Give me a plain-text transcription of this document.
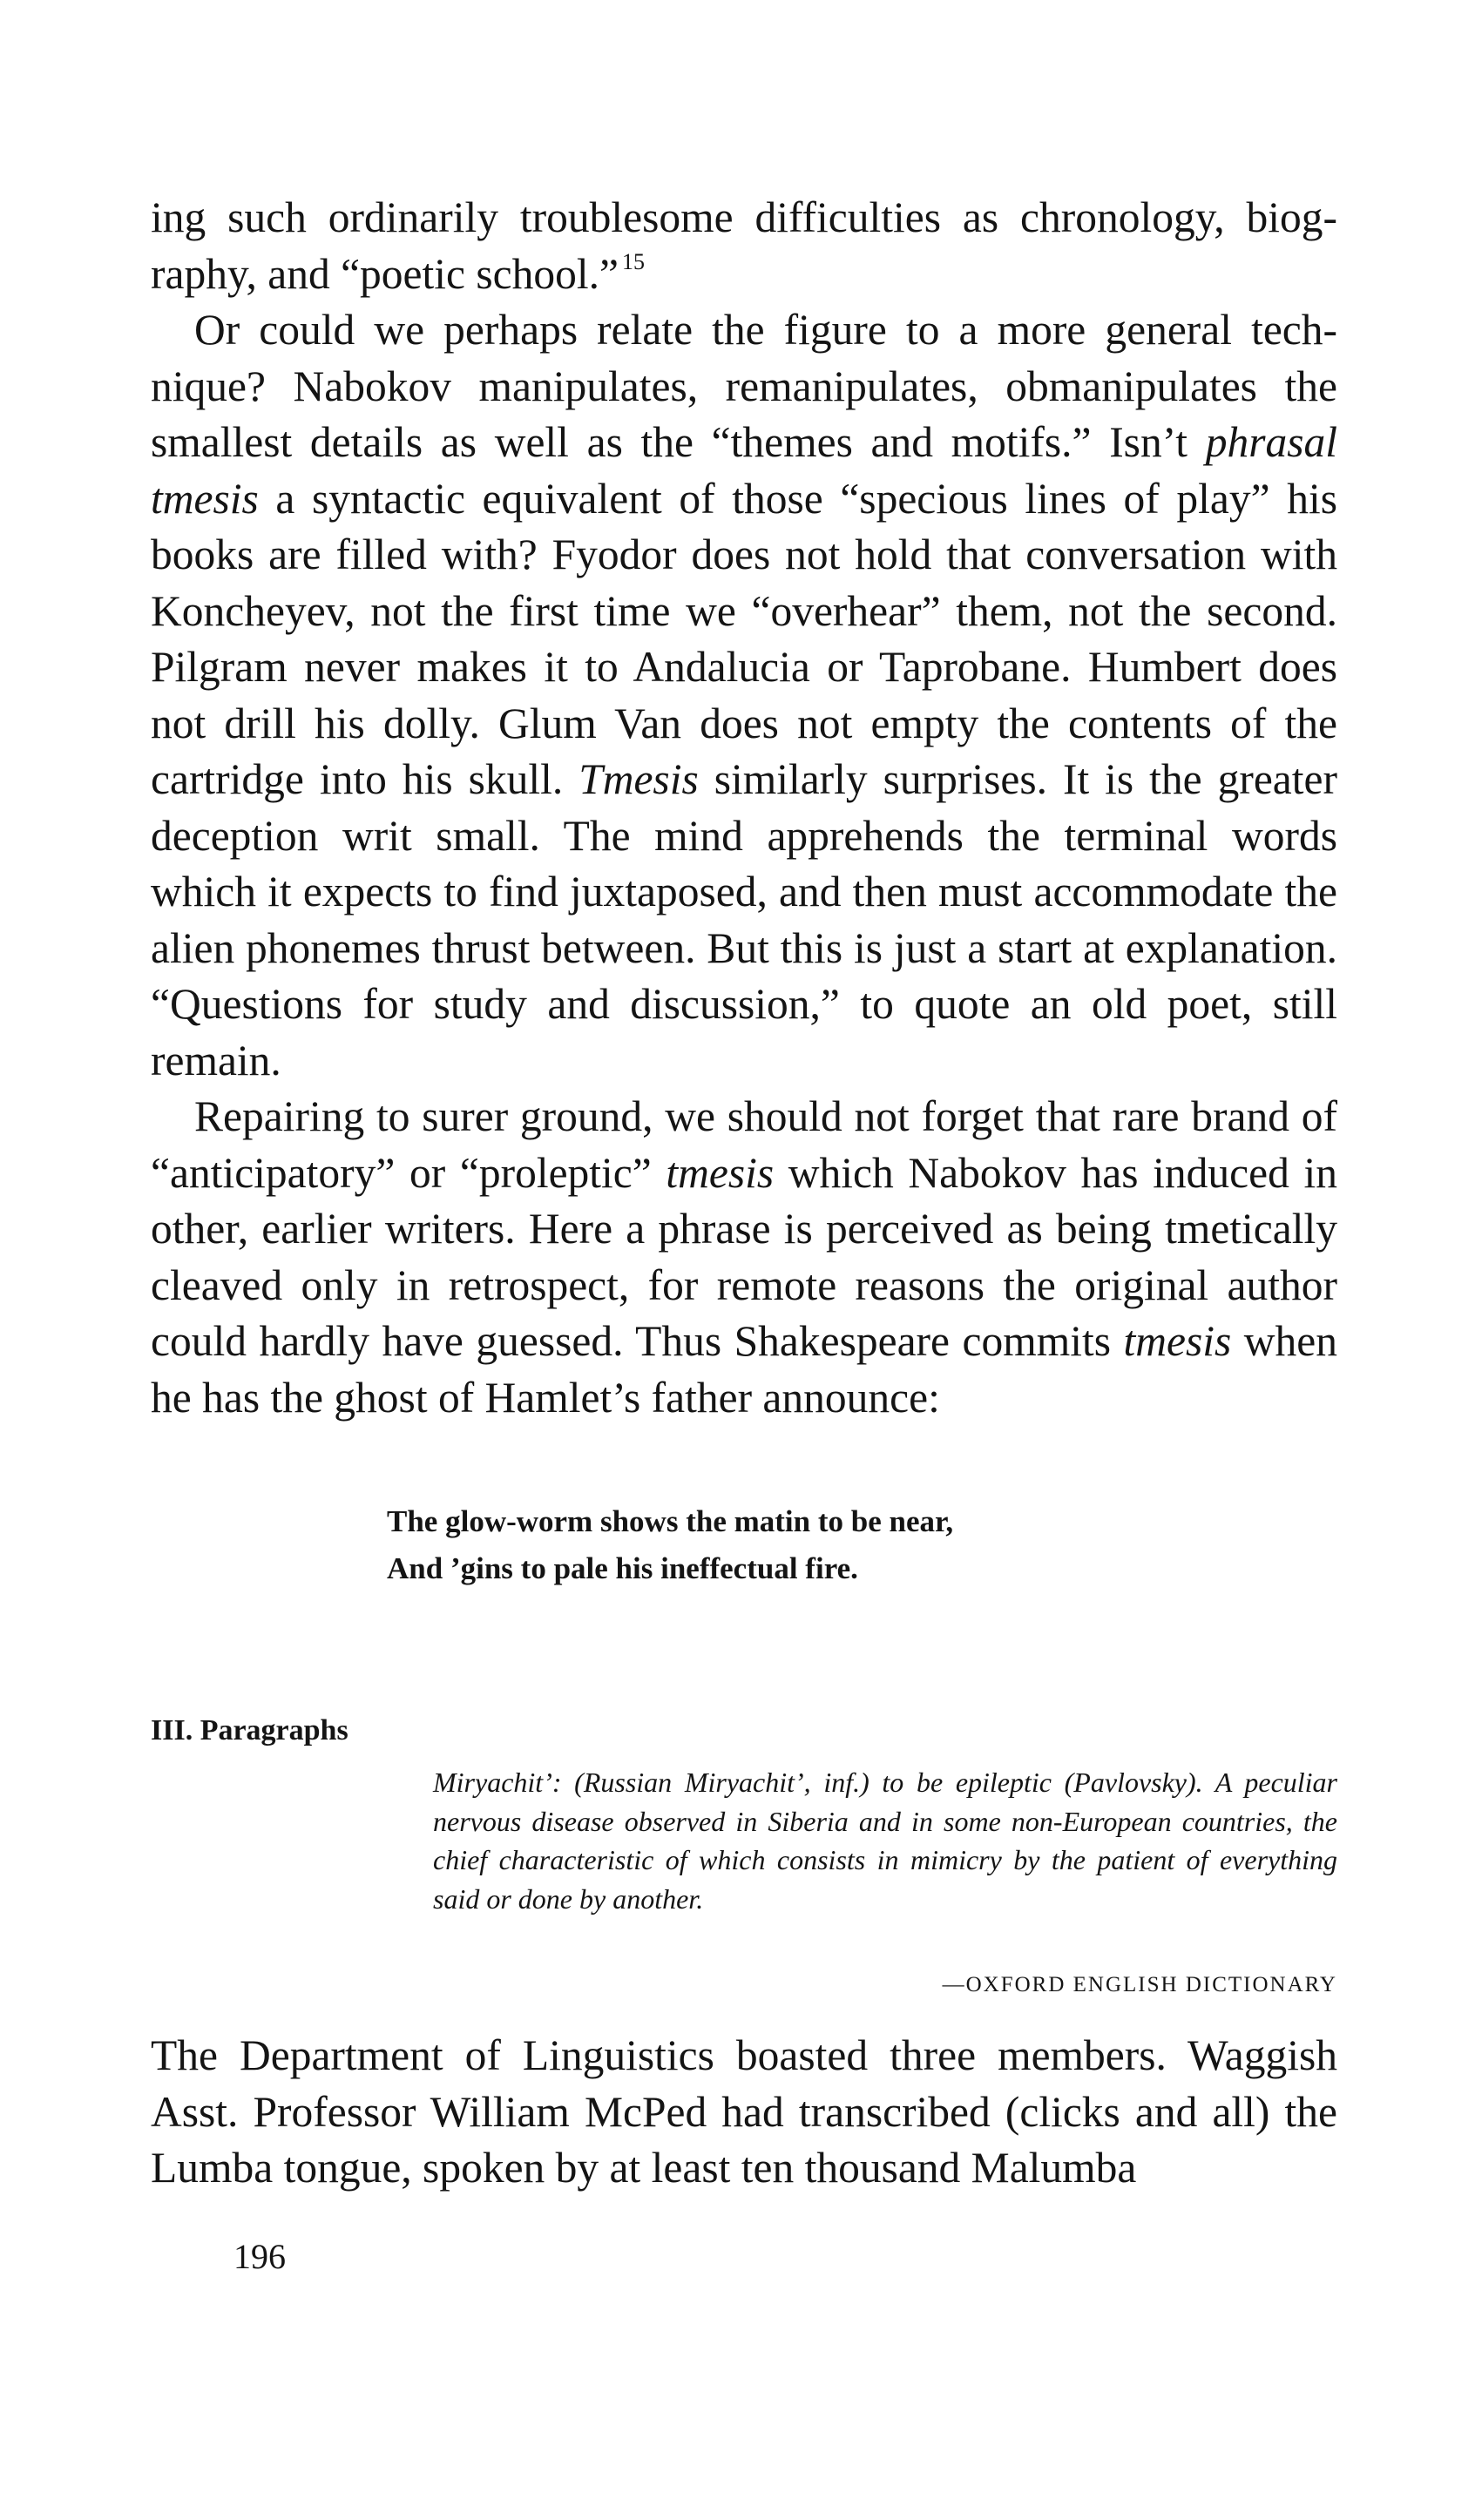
ing such ordinarily troublesome difficulties as chronology, biography, and “poetic school.” $^{15}$

Or could we perhaps relate the figure to a more general technique? Nabokov manipulates, remanipulates, obmanipulates the smallest details as well as the “themes and motifs.” Isn’t phrasal tmesis a syntactic equivalent of those “specious lines of play” his books are filled with? Fyodor does not hold that conversation with Koncheyev, not the first time we “overhear” them, not the second. Pilgram never makes it to Andalucia or Taprobane. Humbert does not drill his dolly. Glum Van does not empty the contents of the cartridge into his skull. Tmesis similarly surprises. It is the greater deception writ small. The mind apprehends the terminal words which it expects to find juxtaposed, and then must accommodate the alien phonemes thrust between. But this is just a start at explanation. “Questions for study and discussion,” to quote an old poet, still remain.

Repairing to surer ground, we should not forget that rare brand of “anticipatory” or “proleptic” tmesis which Nabokov has induced in other, earlier writers. Here a phrase is perceived as being tmetically cleaved only in retrospect, for remote reasons the original author could hardly have guessed. Thus Shakespeare commits tmesis when he has the ghost of Hamlet’s father announce:

The glow-worm shows the matin to be near,
And ’gins to pale his ineffectual fire.
III. Paragraphs

Miryachit’: (Russian Miryachit’, inf.) to be epileptic (Pavlovsky). A peculiar nervous disease observed in Siberia and in some non-European countries, the chief characteristic of which consists in mimicry by the patient of everything said or done by another.

—OXFORD ENGLISH DICTIONARY

The Department of Linguistics boasted three members. Waggish Asst. Professor William McPed had transcribed (clicks and all) the Lumba tongue, spoken by at least ten thousand Malumba

196
